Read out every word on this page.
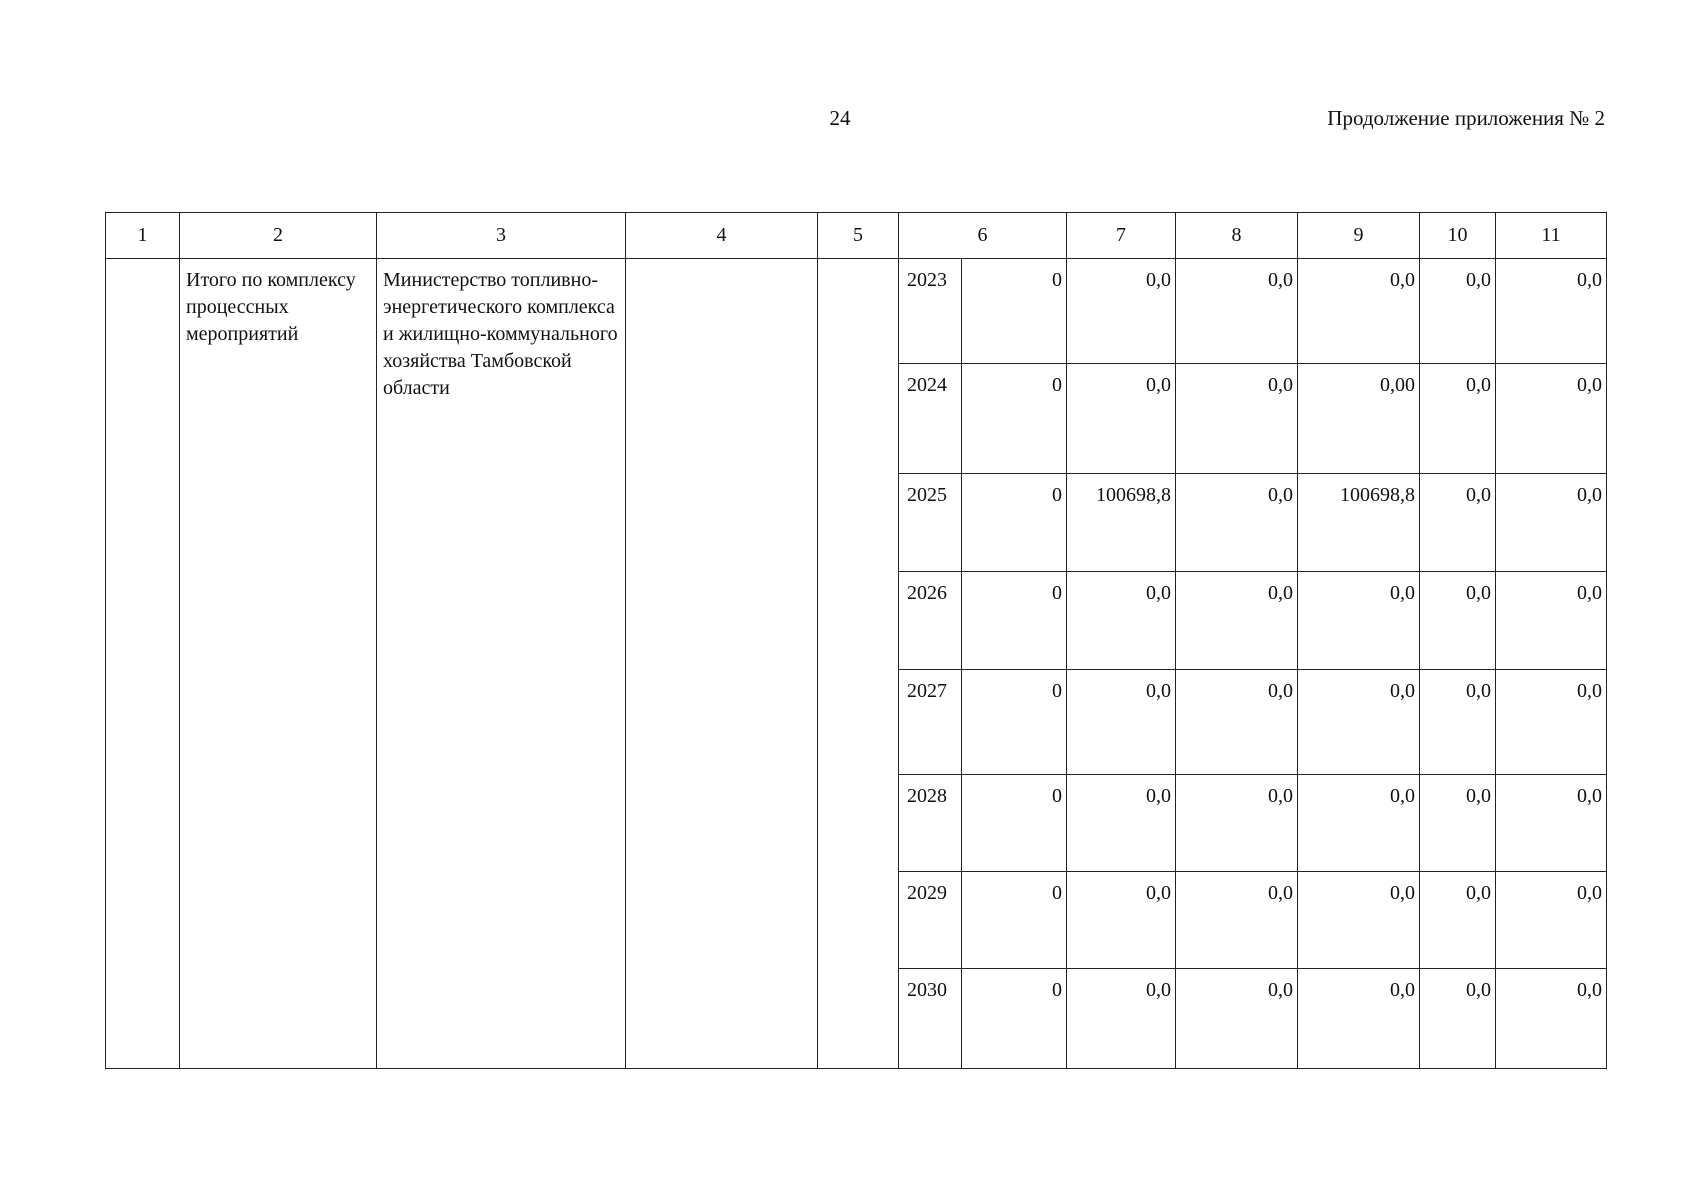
24	Продолжение приложения № 2
1	2	3	4	5	6		7	8	9	10	11
	Итого по комплексу процессных мероприятий	Министерство топливно-энергетического комплекса и жилищно-коммунального хозяйства Тамбовской области			2023	0	0,0	0,0	0,0	0,0	0,0
					2024	0	0,0	0,0	0,00	0,0	0,0
					2025	0	100698,8	0,0	100698,8	0,0	0,0
					2026	0	0,0	0,0	0,0	0,0	0,0
					2027	0	0,0	0,0	0,0	0,0	0,0
					2028	0	0,0	0,0	0,0	0,0	0,0
					2029	0	0,0	0,0	0,0	0,0	0,0
					2030	0	0,0	0,0	0,0	0,0	0,0
